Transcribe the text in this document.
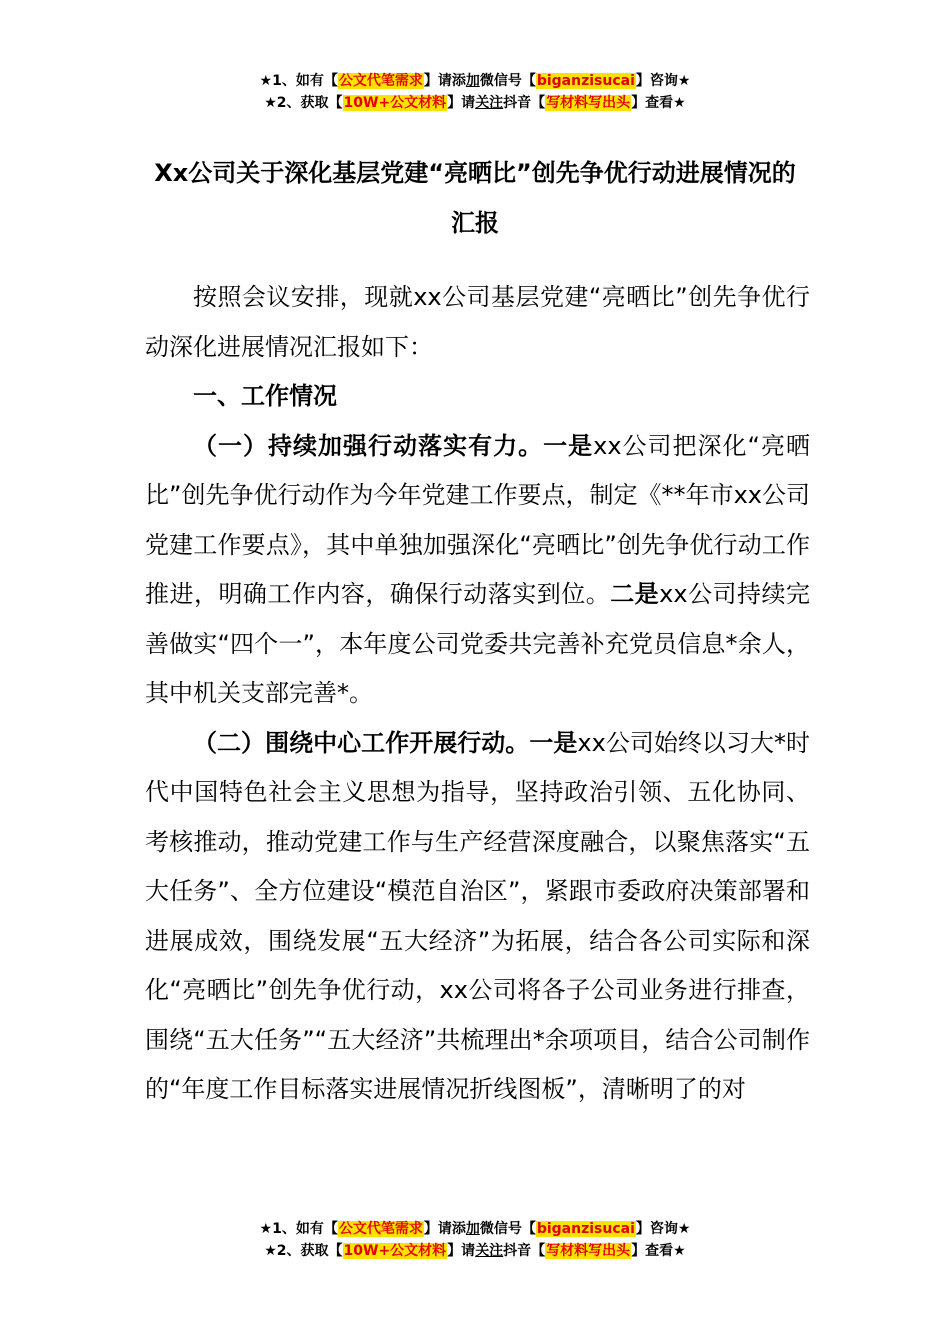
★1、如有【公文代笔需求】请添加微信号【biganzisucai】咨询★
★2、获取【10W+公文材料】请关注抖音【写材料写出头】查看★
Xx公司关于深化基层党建“亮晒比”创先争优行动进展情况的汇报

按照会议安排，现就xx公司基层党建“亮晒比”创先争优行动深化进展情况汇报如下：

一、工作情况

（一）持续加强行动落实有力。一是xx公司把深化“亮晒比”创先争优行动作为今年党建工作要点，制定《**年市xx公司党建工作要点》，其中单独加强深化“亮晒比”创先争优行动工作推进，明确工作内容，确保行动落实到位。二是xx公司持续完善做实“四个一”，本年度公司党委共完善补充党员信息*余人，其中机关支部完善*。

（二）围绕中心工作开展行动。一是xx公司始终以习大*时代中国特色社会主义思想为指导，坚持政治引领、五化协同、考核推动，推动党建工作与生产经营深度融合，以聚焦落实“五大任务”、全方位建设“模范自治区”，紧跟市委政府决策部署和进展成效，围绕发展“五大经济”为拓展，结合各公司实际和深化“亮晒比”创先争优行动，xx公司将各子公司业务进行排查，围绕“五大任务”“五大经济”共梳理出*余项项目，结合公司制作的“年度工作目标落实进展情况折线图板”，清晰明了的对

★1、如有【公文代笔需求】请添加微信号【biganzisucai】咨询★
★2、获取【10W+公文材料】请关注抖音【写材料写出头】查看★
